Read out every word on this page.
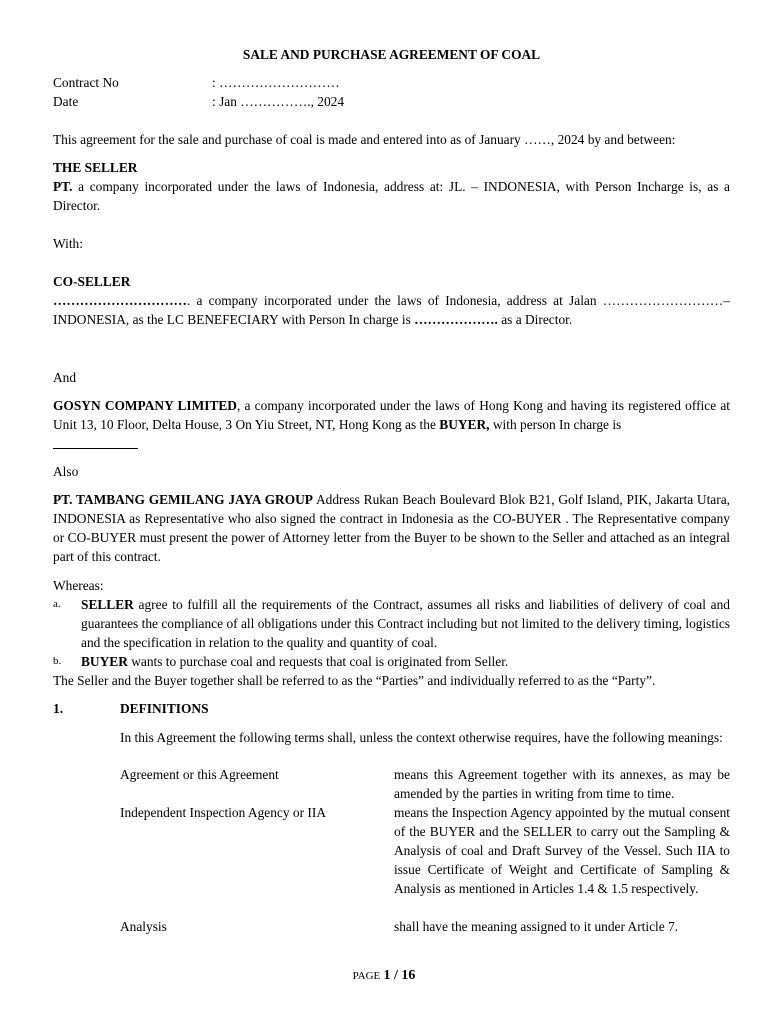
SALE AND PURCHASE AGREEMENT OF COAL
Contract No	: ………………………
Date	: Jan ……………., 2024
This agreement for the sale and purchase of coal is made and entered into as of January ……, 2024 by and between:
THE SELLER
PT. a company incorporated under the laws of Indonesia, address at: JL. – INDONESIA, with Person Incharge is, as a Director.
With:
CO-SELLER
…………………………. a company incorporated under the laws of Indonesia, address at Jalan ………………………– INDONESIA, as the LC BENEFECIARY with Person In charge is ………………. as a Director.
And
GOSYN COMPANY LIMITED, a company incorporated under the laws of Hong Kong and having its registered office at Unit 13, 10 Floor, Delta House, 3 On Yiu Street, NT, Hong Kong as the BUYER, with person In charge is
Also
PT. TAMBANG GEMILANG JAYA GROUP Address Rukan Beach Boulevard Blok B21, Golf Island, PIK, Jakarta Utara, INDONESIA as Representative who also signed the contract in Indonesia as the CO-BUYER . The Representative company or CO-BUYER must present the power of Attorney letter from the Buyer to be shown to the Seller and attached as an integral part of this contract.
Whereas:
a. SELLER agree to fulfill all the requirements of the Contract, assumes all risks and liabilities of delivery of coal and guarantees the compliance of all obligations under this Contract including but not limited to the delivery timing, logistics and the specification in relation to the quality and quantity of coal.
b. BUYER wants to purchase coal and requests that coal is originated from Seller.
The Seller and the Buyer together shall be referred to as the “Parties” and individually referred to as the “Party”.
1.	DEFINITIONS
In this Agreement the following terms shall, unless the context otherwise requires, have the following meanings:
Agreement or this Agreement	means this Agreement together with its annexes, as may be amended by the parties in writing from time to time.
Independent Inspection Agency or IIA	means the Inspection Agency appointed by the mutual consent of the BUYER and the SELLER to carry out the Sampling & Analysis of coal and Draft Survey of the Vessel. Such IIA to issue Certificate of Weight and Certificate of Sampling & Analysis as mentioned in Articles 1.4 & 1.5 respectively.
Analysis	shall have the meaning assigned to it under Article 7.
PAGE 1 / 16
